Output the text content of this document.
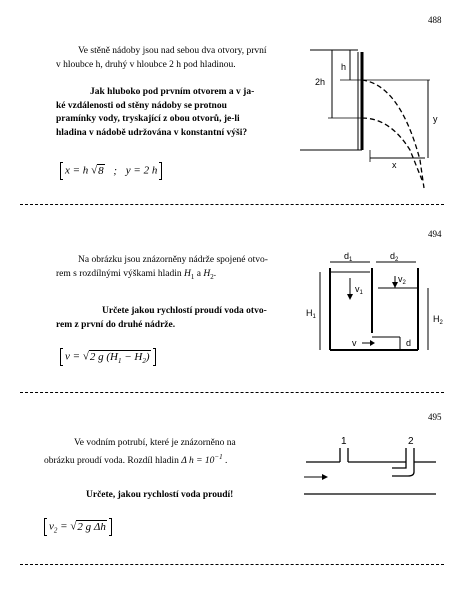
488
Ve stěně nádoby jsou nad sebou dva otvory, první
v hloubce h, druhý v hloubce 2 h pod hladinou.
Jak hluboko pod prvním otvorem a v ja-
ké vzdálenosti od stěny nádoby se protnou
pramínky vody, tryskající z obou otvorů, je-li
hladina v nádobě udržována v konstantní výši?
x = h √8 ; y = 2 h
h
2h
y
x
494
Na obrázku jsou znázorněny nádrže spojené otvo-
rem s rozdílnými výškami hladin $H_1$ a $H_2$.
Určete jakou rychlostí proudí voda otvo-
rem z první do druhé nádrže.
v = √2 g $(H_1 - H_2)$
$d_1$	$d_2$
$v_1$
$v_2$
$H_1$	$H_2$
v	d
495
Ve vodním potrubí, které je znázorněno na
obrázku proudí voda. Rozdíl hladin Δ $h = 10^{-1}$ .
Určete, jakou rychlostí voda proudí!
$v_2 = √2$ g Δh
1	2
